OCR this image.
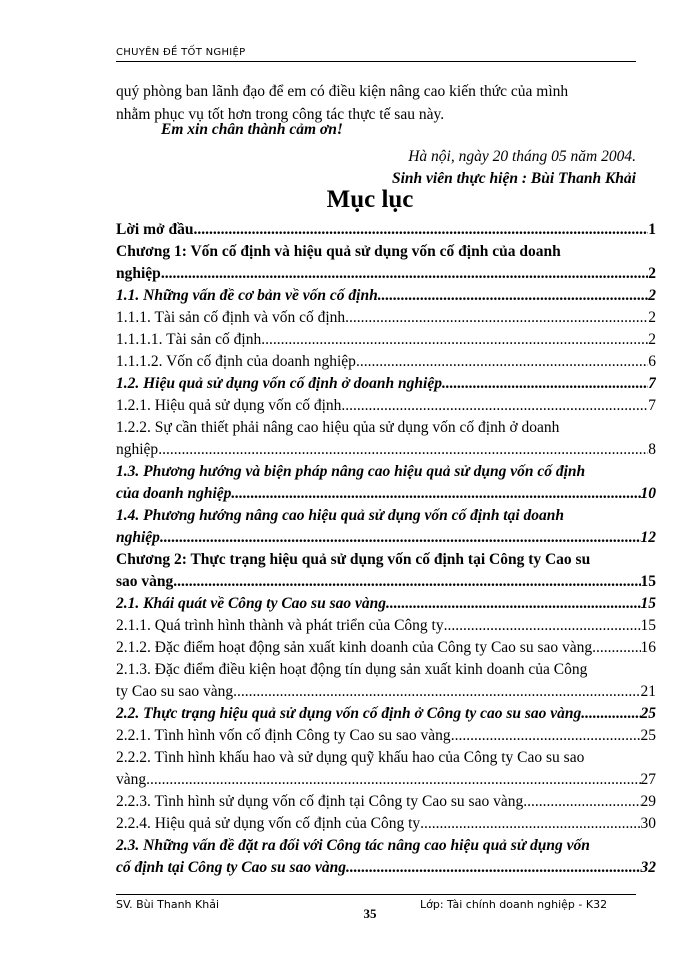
CHUYÊN ĐỀ TỐT NGHIỆP

quý phòng ban lãnh đạo để em có điều kiện nâng cao kiến thức của mình

nhằm phục vụ tốt hơn trong công tác thực tế sau này.

Em xin chân thành cảm ơn!
Hà nội, ngày 20 tháng 05 năm 2004.
Sinh viên thực hiện : Bùi Thanh Khải
Mục lục
Lời mở đầu .....	1
Chương 1: Vốn cố định và hiệu quả sử dụng vốn cố định của doanh
nghiệp .....	2
1.1. Những vấn đề cơ bản về vốn cố định .....	2
1.1.1. Tài sản cố định và vốn cố định .....	2
1.1.1.1. Tài sản cố định .....	2
1.1.1.2. Vốn cố định của doanh nghiệp .....	6
1.2. Hiệu quả sử dụng vốn cố định ở doanh nghiệp .....	7
1.2.1. Hiệu quả sử dụng vốn cố định .....	7
1.2.2. Sự cần thiết phải nâng cao hiệu qủa sử dụng vốn cố định ở doanh
nghiệp .....	8
1.3. Phương hướng và biện pháp nâng cao hiệu quả sử dụng vốn cố định
của doanh nghiệp .....	10
1.4. Phương hướng nâng cao hiệu quả sử dụng vốn cố định tại doanh
nghiệp .....	12
Chương 2: Thực trạng hiệu quả sử dụng vốn cố định tại Công ty Cao su
sao vàng .....	15
2.1. Khái quát về Công ty Cao su sao vàng .....	15
2.1.1. Quá trình hình thành và phát triển của Công ty .....	15
2.1.2. Đặc điểm hoạt động sản xuất kinh doanh của Công ty Cao su sao vàng .....	16
2.1.3. Đặc điểm điều kiện hoạt động tín dụng sản xuất kinh doanh của Công
ty Cao su sao vàng .....	21
2.2. Thực trạng hiệu quả sử dụng vốn cố định ở Công ty cao su sao vàng .....	25
2.2.1. Tình hình vốn cố định Công ty Cao su sao vàng .....	25
2.2.2. Tình hình khấu hao và sử dụng quỹ khấu hao của Công ty Cao su sao
vàng .....	27
2.2.3. Tình hình sử dụng vốn cố định tại Công ty Cao su sao vàng .....	29
2.2.4. Hiệu quả sử dụng vốn cố định của Công ty .....	30
2.3. Những vấn đề đặt ra đối với Công tác nâng cao hiệu quả sử dụng vốn
cố định tại Công ty Cao su sao vàng .....	32
SV. Bùi Thanh Khải	Lớp: Tài chính doanh nghiệp - K32
35
